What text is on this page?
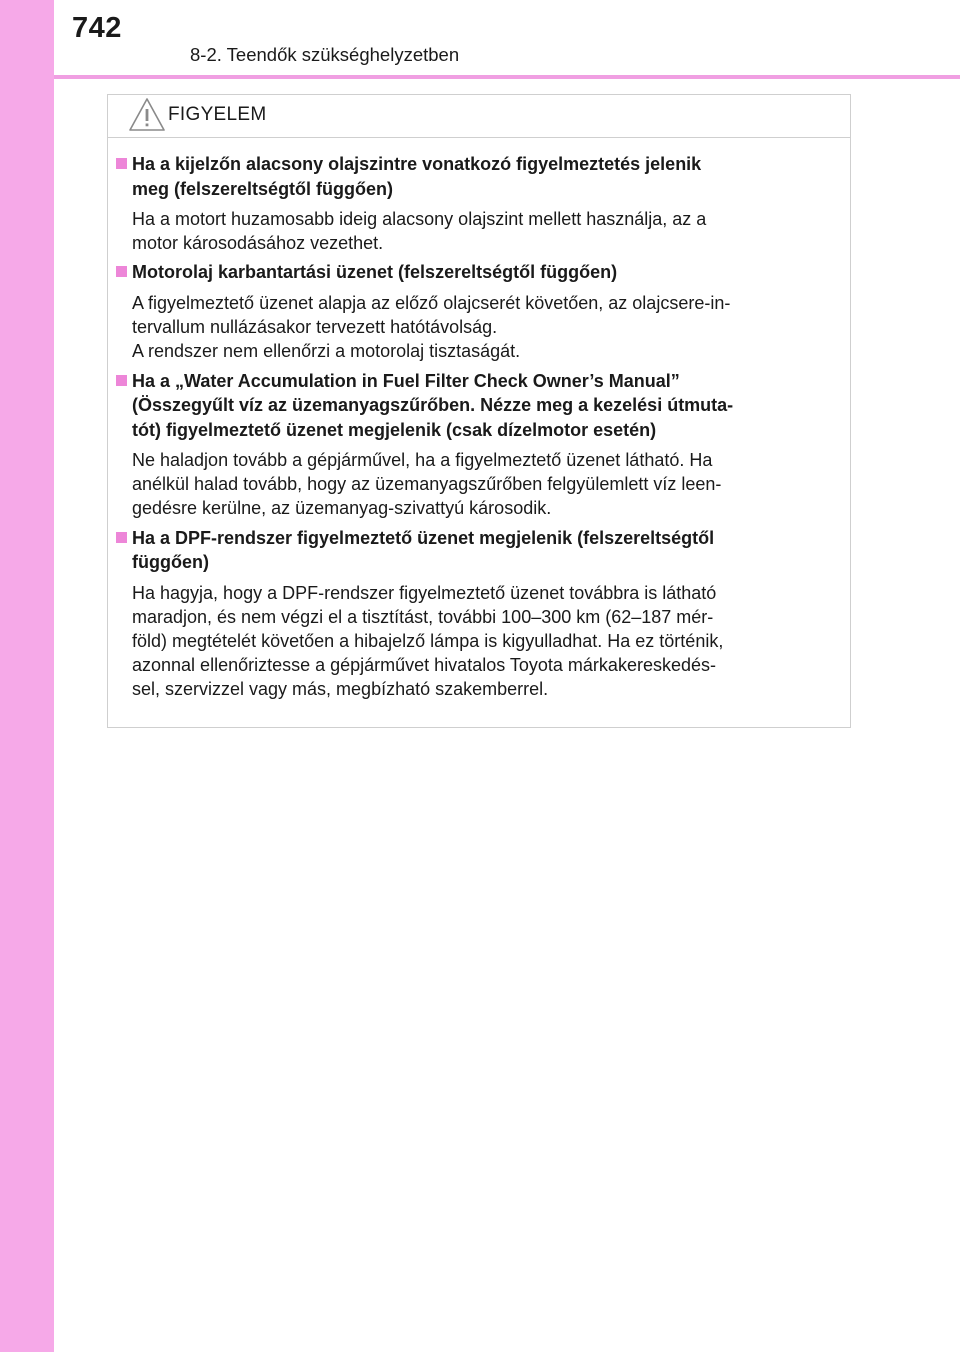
742
8-2. Teendők szükséghelyzetben
FIGYELEM
Ha a kijelzőn alacsony olajszintre vonatkozó figyelmeztetés jelenik
meg (felszereltségtől függően)
Ha a motort huzamosabb ideig alacsony olajszint mellett használja, az a
motor károsodásához vezethet.
Motorolaj karbantartási üzenet (felszereltségtől függően)
A figyelmeztető üzenet alapja az előző olajcserét követően, az olajcsere-in-
tervallum nullázásakor tervezett hatótávolság.
A rendszer nem ellenőrzi a motorolaj tisztaságát.
Ha a „Water Accumulation in Fuel Filter Check Owner’s Manual”
(Összegyűlt víz az üzemanyagszűrőben. Nézze meg a kezelési útmuta-
tót) figyelmeztető üzenet megjelenik (csak dízelmotor esetén)
Ne haladjon tovább a gépjárművel, ha a figyelmeztető üzenet látható. Ha
anélkül halad tovább, hogy az üzemanyagszűrőben felgyülemlett víz leen-
gedésre kerülne, az üzemanyag-szivattyú károsodik.
Ha a DPF-rendszer figyelmeztető üzenet megjelenik (felszereltségtől
függően)
Ha hagyja, hogy a DPF-rendszer figyelmeztető üzenet továbbra is látható
maradjon, és nem végzi el a tisztítást, további 100–300 km (62–187 mér-
föld) megtételét követően a hibajelző lámpa is kigyulladhat. Ha ez történik,
azonnal ellenőriztesse a gépjárművet hivatalos Toyota márkakereskedés-
sel, szervizzel vagy más, megbízható szakemberrel.
